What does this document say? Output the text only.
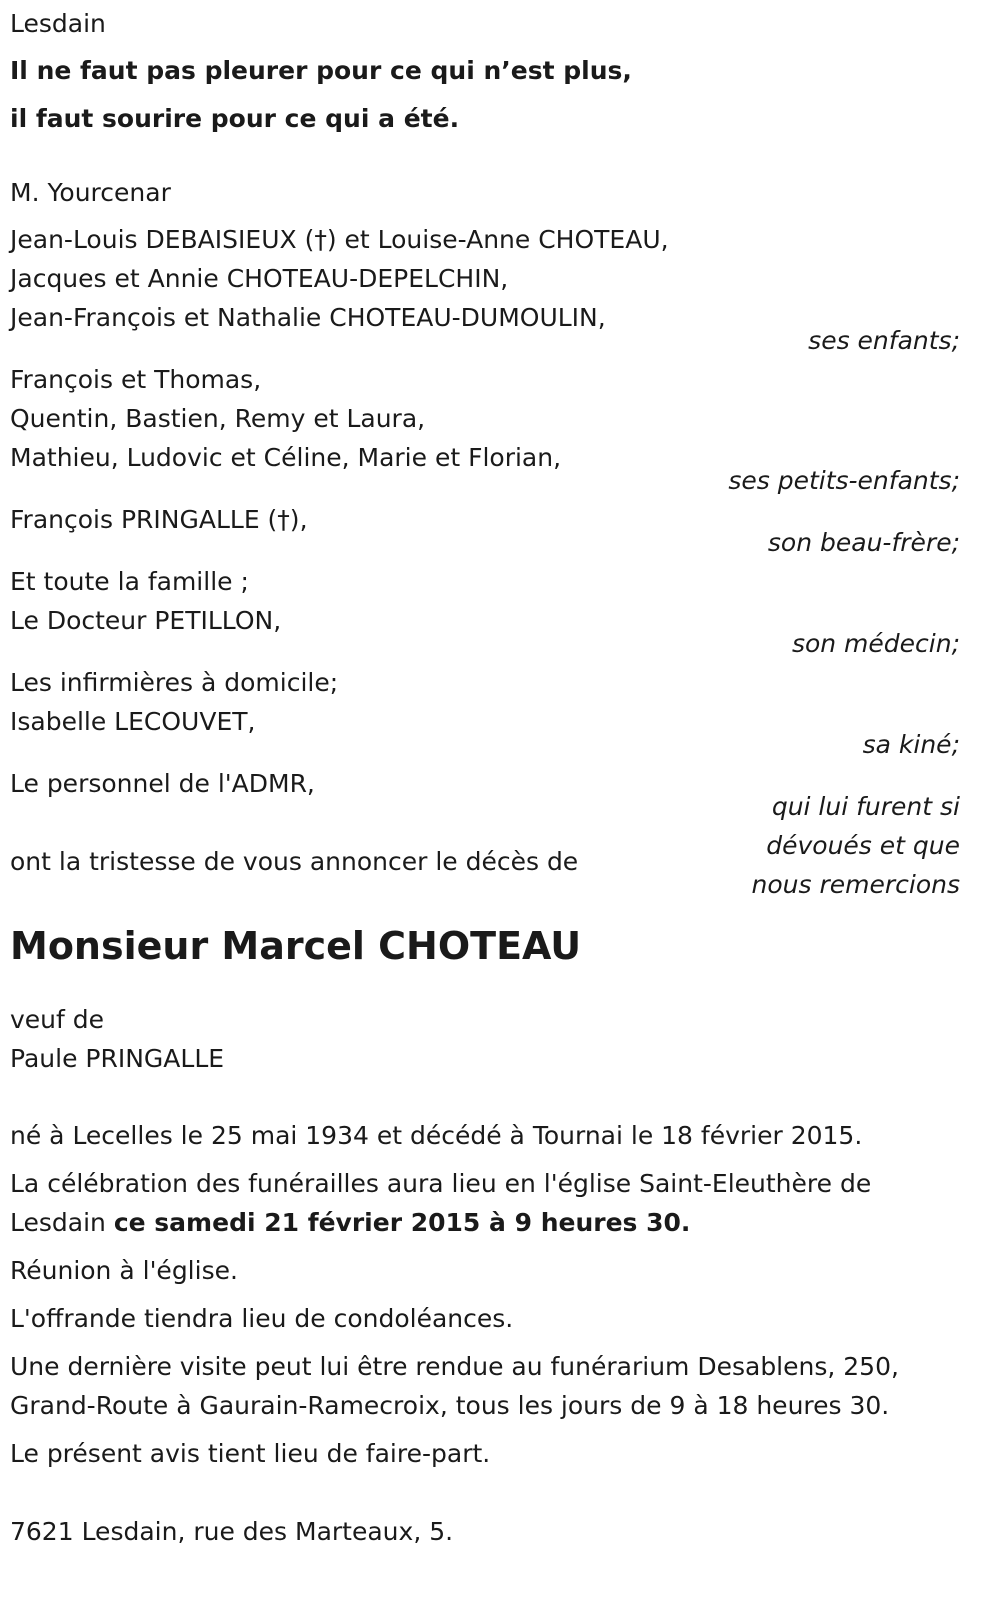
Lesdain
Il ne faut pas pleurer pour ce qui n’est plus,
il faut sourire pour ce qui a été.
M. Yourcenar
Jean-Louis DEBAISIEUX (†) et Louise-Anne CHOTEAU,
Jacques et Annie CHOTEAU-DEPELCHIN,
Jean-François et Nathalie CHOTEAU-DUMOULIN,
ses enfants;
François et Thomas,
Quentin, Bastien, Remy et Laura,
Mathieu, Ludovic et Céline, Marie et Florian,
ses petits-enfants;
François PRINGALLE (†),
son beau-frère;
Et toute la famille ;
Le Docteur PETILLON,
son médecin;
Les infirmières à domicile;
Isabelle LECOUVET,
sa kiné;
Le personnel de l'ADMR,
qui lui furent si
dévoués et que
nous remercions
ont la tristesse de vous annoncer le décès de
Monsieur Marcel CHOTEAU
veuf de
Paule PRINGALLE
né à Lecelles le 25 mai 1934 et décédé à Tournai le 18 février 2015.
La célébration des funérailles aura lieu en l'église Saint-Eleuthère de
Lesdain ce samedi 21 février 2015 à 9 heures 30.
Réunion à l'église.
L'offrande tiendra lieu de condoléances.
Une dernière visite peut lui être rendue au funérarium Desablens, 250,
Grand-Route à Gaurain-Ramecroix, tous les jours de 9 à 18 heures 30.
Le présent avis tient lieu de faire-part.
7621 Lesdain, rue des Marteaux, 5.
